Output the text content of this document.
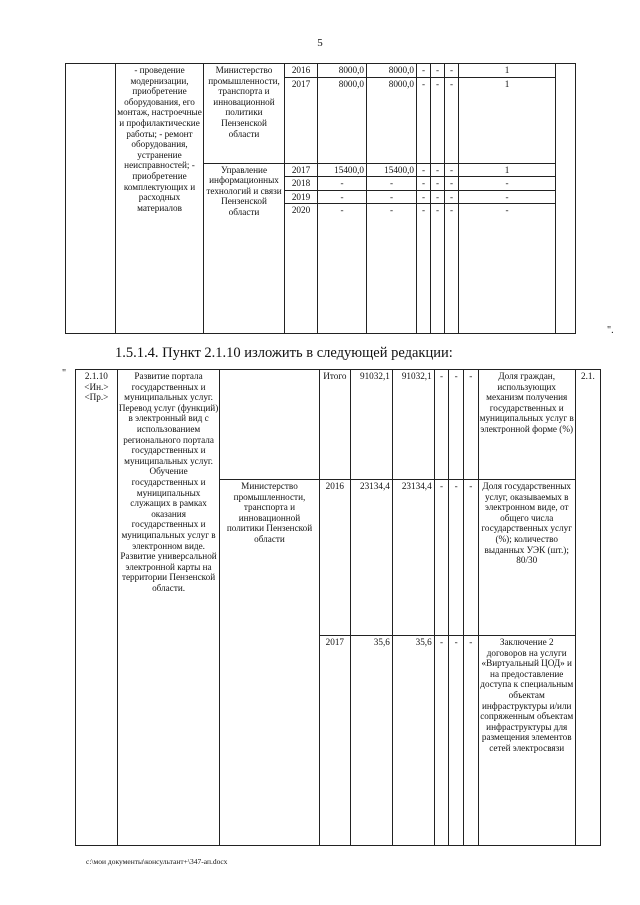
5
	- проведение модернизации, приобретение оборудования, его монтаж, настроечные и профилактические работы; - ремонт оборудования, устранение неисправностей; - приобретение комплектующих и расходных материалов	Министерство промышленности, транспорта и инновационной политики Пензенской области	2016	8000,0	8000,0	-	-	-	1	
			2017	8000,0	8000,0	-	-	-	1	
		Управление информационных технологий и связи Пензенской области	2017	15400,0	15400,0	-	-	-	1	
			2018	-	-	-	-	-	-	
			2019	-	-	-	-	-	-	
			2020	-	-	-	-	-	-	
".
1.5.1.4. Пункт 2.1.10 изложить в следующей редакции:
" 2.1.10 <Ин.> <Пр.>	Развитие портала государственных и муниципальных услуг. Перевод услуг (функций) в электронный вид с использованием регионального портала государственных и муниципальных услуг. Обучение государственных и муниципальных служащих в рамках оказания государственных и муниципальных услуг в электронном виде. Развитие универсальной электронной карты на территории Пензенской области.		Итого	91032,1	91032,1	-	-	-	Доля граждан, использующих механизм получения государственных и муниципальных услуг в электронной форме (%)	2.1.
		Министерство промышленности, транспорта и инновационной политики Пензенской области	2016	23134,4	23134,4	-	-	-	Доля государственных услуг, оказываемых в электронном виде, от общего числа государственных услуг (%); количество выданных УЭК (шт.); 80/30	
			2017	35,6	35,6	-	-	-	Заключение 2 договоров на услуги «Виртуальный ЦОД» и на предоставление доступа к специальным объектам инфраструктуры и/или сопряженным объектам инфраструктуры для размещения элементов сетей электросвязи	
c:\мои документы\консультант+\347-ап.docx
